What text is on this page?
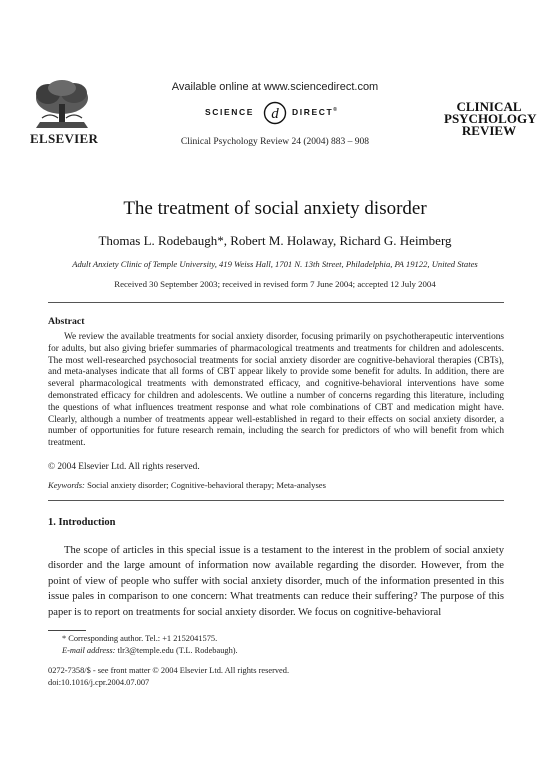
Available online at www.sciencedirect.com
SCIENCE d DIRECT®
Clinical Psychology Review 24 (2004) 883 – 908
ELSEVIER
CLINICAL
PSYCHOLOGY
REVIEW
The treatment of social anxiety disorder
Thomas L. Rodebaugh*, Robert M. Holaway, Richard G. Heimberg
Adult Anxiety Clinic of Temple University, 419 Weiss Hall, 1701 N. 13th Street, Philadelphia, PA 19122, United States
Received 30 September 2003; received in revised form 7 June 2004; accepted 12 July 2004
Abstract

We review the available treatments for social anxiety disorder, focusing primarily on psychotherapeutic interventions for adults, but also giving briefer summaries of pharmacological treatments and treatments for children and adolescents. The most well-researched psychosocial treatments for social anxiety disorder are cognitive-behavioral therapies (CBTs), and meta-analyses indicate that all forms of CBT appear likely to provide some benefit for adults. In addition, there are several pharmacological treatments with demonstrated efficacy, and cognitive-behavioral interventions have some demonstrated efficacy for children and adolescents. We outline a number of concerns regarding this literature, including the questions of what influences treatment response and what role combinations of CBT and medication might have. Clearly, although a number of treatments appear well-established in regard to their effects on social anxiety disorder, a number of opportunities for future research remain, including the search for predictors of who will benefit from which treatment.

© 2004 Elsevier Ltd. All rights reserved.
Keywords: Social anxiety disorder; Cognitive-behavioral therapy; Meta-analyses
1. Introduction

The scope of articles in this special issue is a testament to the interest in the problem of social anxiety disorder and the large amount of information now available regarding the disorder. However, from the point of view of people who suffer with social anxiety disorder, much of the information presented in this issue pales in comparison to one concern: What treatments can reduce their suffering? The purpose of this paper is to report on treatments for social anxiety disorder. We focus on cognitive-behavioral

* Corresponding author. Tel.: +1 2152041575.
E-mail address: tlr3@temple.edu (T.L. Rodebaugh).
0272-7358/$ - see front matter © 2004 Elsevier Ltd. All rights reserved.
doi:10.1016/j.cpr.2004.07.007
